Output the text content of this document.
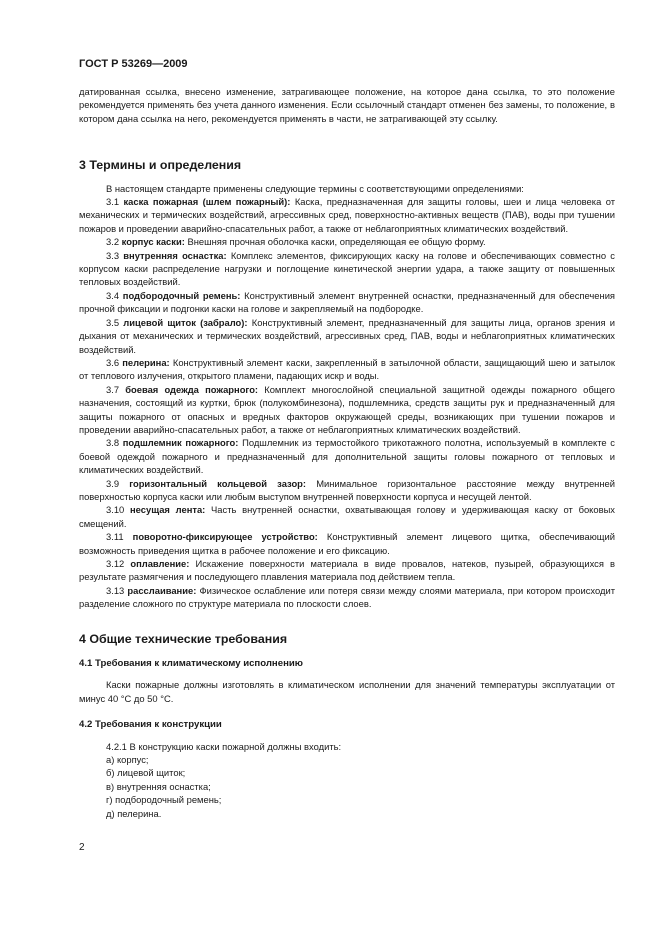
ГОСТ Р 53269—2009

датированная ссылка, внесено изменение, затрагивающее положение, на которое дана ссылка, то это положение рекомендуется применять без учета данного изменения. Если ссылочный стандарт отменен без замены, то положение, в котором дана ссылка на него, рекомендуется применять в части, не затрагивающей эту ссылку.

3 Термины и определения

В настоящем стандарте применены следующие термины с соответствующими определениями:

3.1 каска пожарная (шлем пожарный): Каска, предназначенная для защиты головы, шеи и лица человека от механических и термических воздействий, агрессивных сред, поверхностно-активных веществ (ПАВ), воды при тушении пожаров и проведении аварийно-спасательных работ, а также от неблагоприятных климатических воздействий.

3.2 корпус каски: Внешняя прочная оболочка каски, определяющая ее общую форму.

3.3 внутренняя оснастка: Комплекс элементов, фиксирующих каску на голове и обеспечивающих совместно с корпусом каски распределение нагрузки и поглощение кинетической энергии удара, а также защиту от повышенных тепловых воздействий.

3.4 подбородочный ремень: Конструктивный элемент внутренней оснастки, предназначенный для обеспечения прочной фиксации и подгонки каски на голове и закрепляемый на подбородке.

3.5 лицевой щиток (забрало): Конструктивный элемент, предназначенный для защиты лица, органов зрения и дыхания от механических и термических воздействий, агрессивных сред, ПАВ, воды и неблагоприятных климатических воздействий.

3.6 пелерина: Конструктивный элемент каски, закрепленный в затылочной области, защищающий шею и затылок от теплового излучения, открытого пламени, падающих искр и воды.

3.7 боевая одежда пожарного: Комплект многослойной специальной защитной одежды пожарного общего назначения, состоящий из куртки, брюк (полукомбинезона), подшлемника, средств защиты рук и предназначенный для защиты пожарного от опасных и вредных факторов окружающей среды, возникающих при тушении пожаров и проведении аварийно-спасательных работ, а также от неблагоприятных климатических воздействий.

3.8 подшлемник пожарного: Подшлемник из термостойкого трикотажного полотна, используемый в комплекте с боевой одеждой пожарного и предназначенный для дополнительной защиты головы пожарного от тепловых и климатических воздействий.

3.9 горизонтальный кольцевой зазор: Минимальное горизонтальное расстояние между внутренней поверхностью корпуса каски или любым выступом внутренней поверхности корпуса и несущей лентой.

3.10 несущая лента: Часть внутренней оснастки, охватывающая голову и удерживающая каску от боковых смещений.

3.11 поворотно-фиксирующее устройство: Конструктивный элемент лицевого щитка, обеспечивающий возможность приведения щитка в рабочее положение и его фиксацию.

3.12 оплавление: Искажение поверхности материала в виде провалов, натеков, пузырей, образующихся в результате размягчения и последующего плавления материала под действием тепла.

3.13 расслаивание: Физическое ослабление или потеря связи между слоями материала, при котором происходит разделение сложного по структуре материала по плоскости слоев.

4 Общие технические требования
4.1 Требования к климатическому исполнению

Каски пожарные должны изготовлять в климатическом исполнении для значений температуры эксплуатации от минус 40 °С до 50 °С.

4.2 Требования к конструкции

4.2.1 В конструкцию каски пожарной должны входить:

а) корпус;
б) лицевой щиток;
в) внутренняя оснастка;
г) подбородочный ремень;
д) пелерина.
2
